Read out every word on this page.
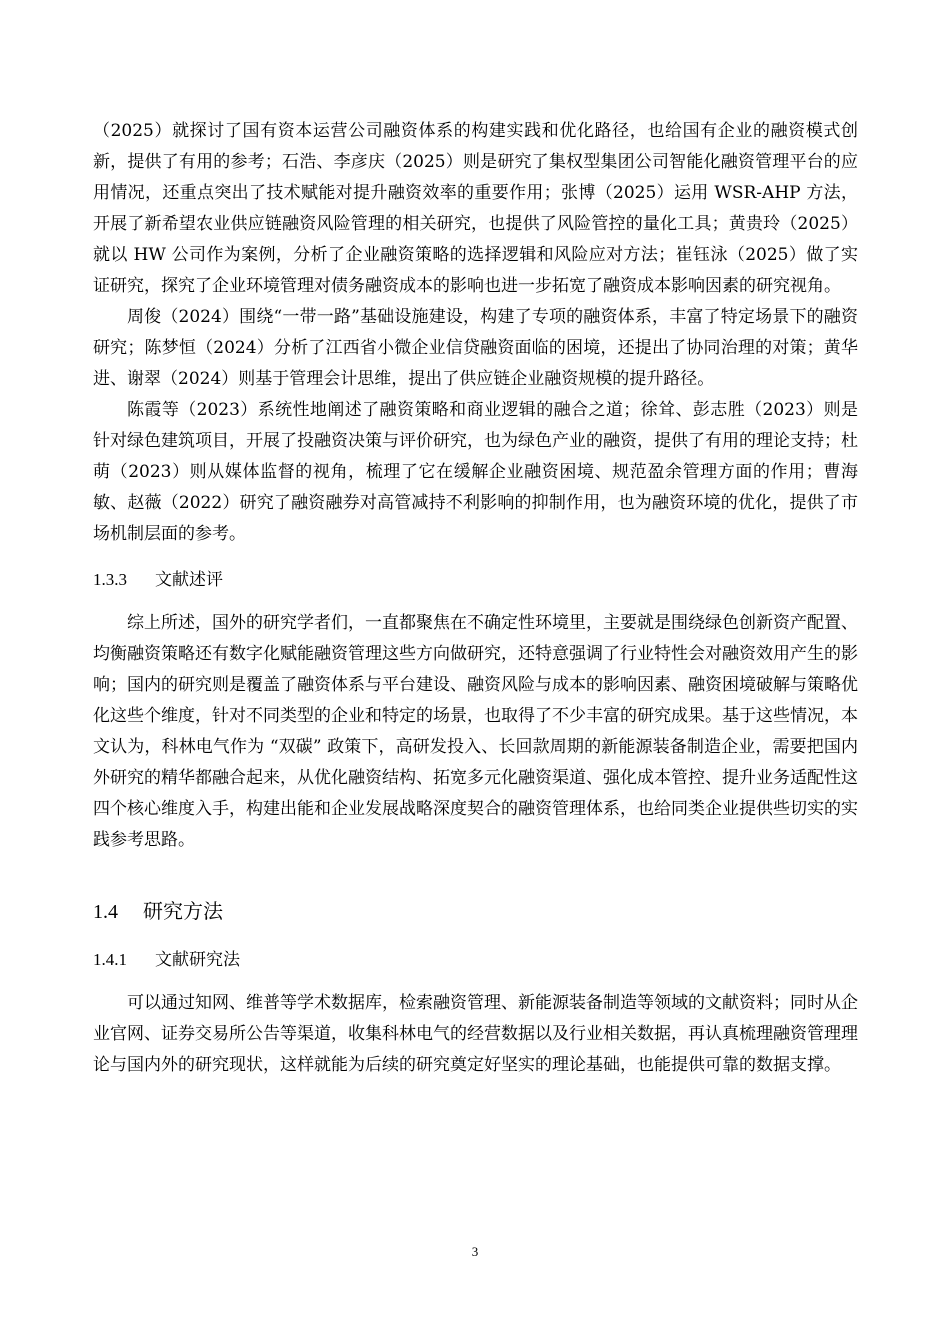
（2025）就探讨了国有资本运营公司融资体系的构建实践和优化路径，也给国有企业的融资模式创新，提供了有用的参考；石浩、李彦庆（2025）则是研究了集权型集团公司智能化融资管理平台的应用情况，还重点突出了技术赋能对提升融资效率的重要作用；张博（2025）运用 WSR-AHP 方法，开展了新希望农业供应链融资风险管理的相关研究，也提供了风险管控的量化工具；黄贵玲（2025）就以 HW 公司作为案例，分析了企业融资策略的选择逻辑和风险应对方法；崔钰泳（2025）做了实证研究，探究了企业环境管理对债务融资成本的影响也进一步拓宽了融资成本影响因素的研究视角。

周俊（2024）围绕“一带一路”基础设施建设，构建了专项的融资体系，丰富了特定场景下的融资研究；陈梦恒（2024）分析了江西省小微企业信贷融资面临的困境，还提出了协同治理的对策；黄华进、谢翠（2024）则基于管理会计思维，提出了供应链企业融资规模的提升路径。

陈霞等（2023）系统性地阐述了融资策略和商业逻辑的融合之道；徐耸、彭志胜（2023）则是针对绿色建筑项目，开展了投融资决策与评价研究，也为绿色产业的融资，提供了有用的理论支持；杜萌（2023）则从媒体监督的视角，梳理了它在缓解企业融资困境、规范盈余管理方面的作用；曹海敏、赵薇（2022）研究了融资融券对高管减持不利影响的抑制作用，也为融资环境的优化，提供了市场机制层面的参考。

1.3.3 文献述评

综上所述，国外的研究学者们，一直都聚焦在不确定性环境里，主要就是围绕绿色创新资产配置、均衡融资策略还有数字化赋能融资管理这些方向做研究，还特意强调了行业特性会对融资效用产生的影响；国内的研究则是覆盖了融资体系与平台建设、融资风险与成本的影响因素、融资困境破解与策略优化这些个维度，针对不同类型的企业和特定的场景，也取得了不少丰富的研究成果。基于这些情况，本文认为，科林电气作为 “双碳” 政策下，高研发投入、长回款周期的新能源装备制造企业，需要把国内外研究的精华都融合起来，从优化融资结构、拓宽多元化融资渠道、强化成本管控、提升业务适配性这四个核心维度入手，构建出能和企业发展战略深度契合的融资管理体系，也给同类企业提供些切实的实践参考思路。

1.4 研究方法
1.4.1 文献研究法

可以通过知网、维普等学术数据库，检索融资管理、新能源装备制造等领域的文献资料；同时从企业官网、证券交易所公告等渠道，收集科林电气的经营数据以及行业相关数据，再认真梳理融资管理理论与国内外的研究现状，这样就能为后续的研究奠定好坚实的理论基础，也能提供可靠的数据支撑。

3
